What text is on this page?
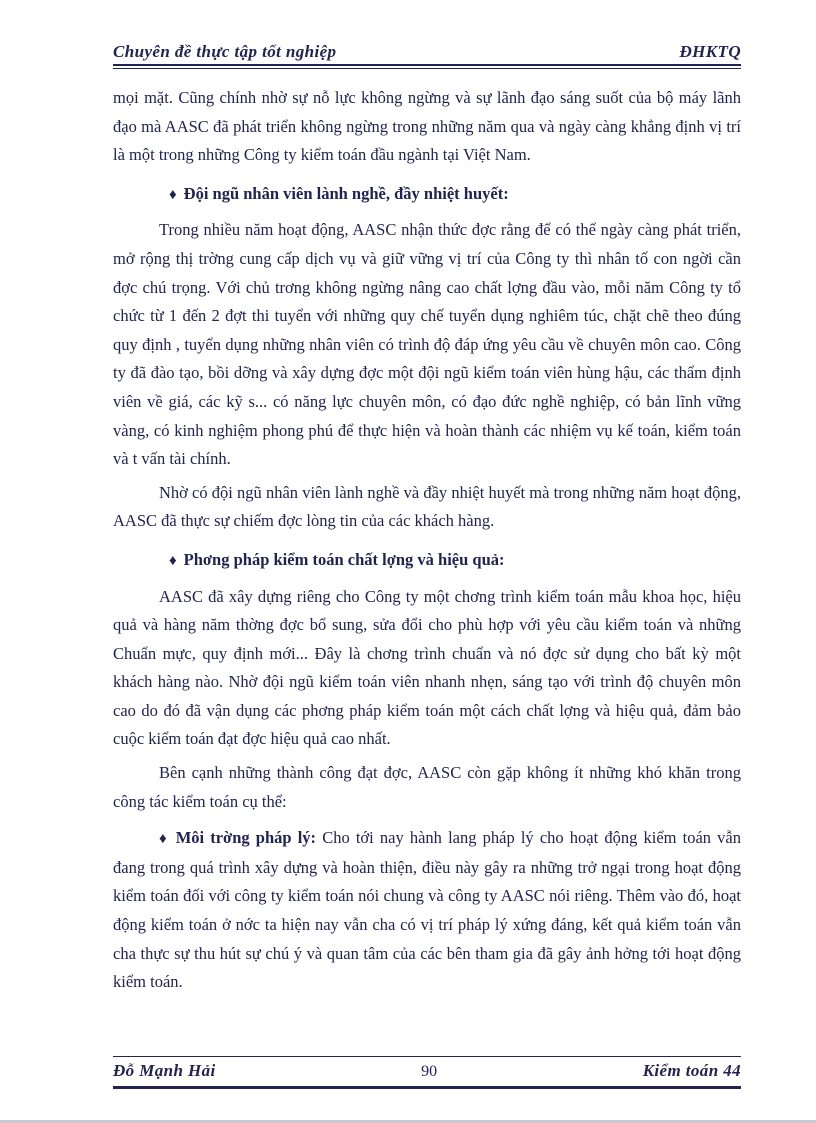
Chuyên đề thực tập tốt nghiệp	ĐHKTQ

mọi mặt. Cũng chính nhờ sự nỗ lực không ngừng và sự lãnh đạo sáng suốt của bộ máy lãnh đạo mà AASC đã phát triển không ngừng trong những năm qua và ngày càng khẳng định vị trí là một trong những Công ty kiểm toán đầu ngành tại Việt Nam.

♦ Đội ngũ nhân viên lành nghề, đầy nhiệt huyết:

Trong nhiều năm hoạt động, AASC nhận thức đợc rằng để có thể ngày càng phát triển, mở rộng thị trờng cung cấp dịch vụ và giữ vững vị trí của Công ty thì nhân tố con ngời cần đợc chú trọng. Với chủ trơng không ngừng nâng cao chất lợng đầu vào, mỗi năm Công ty tổ chức từ 1 đến 2 đợt thi tuyển với những quy chế tuyển dụng nghiêm túc, chặt chẽ theo đúng quy định , tuyển dụng những nhân viên có trình độ đáp ứng yêu cầu về chuyên môn cao. Công ty đã đào tạo, bồi dỡng và xây dựng đợc một đội ngũ kiểm toán viên hùng hậu, các thẩm định viên về giá, các kỹ s... có năng lực chuyên môn, có đạo đức nghề nghiệp, có bản lĩnh vững vàng, có kinh nghiệm phong phú để thực hiện và hoàn thành các nhiệm vụ kế toán, kiểm toán và t vấn tài chính.

Nhờ có đội ngũ nhân viên lành nghề và đầy nhiệt huyết mà trong những năm hoạt động, AASC đã thực sự chiếm đợc lòng tin của các khách hàng.

♦ Phơng pháp kiểm toán chất lợng và hiệu quả:

AASC đã xây dựng riêng cho Công ty một chơng trình kiểm toán mẫu khoa học, hiệu quả và hàng năm thờng đợc bổ sung, sửa đổi cho phù hợp với yêu cầu kiểm toán và những Chuẩn mực, quy định mới... Đây là chơng trình chuẩn và nó đợc sử dụng cho bất kỳ một khách hàng nào. Nhờ đội ngũ kiểm toán viên nhanh nhẹn, sáng tạo với trình độ chuyên môn cao do đó đã vận dụng các phơng pháp kiểm toán một cách chất lợng và hiệu quả, đảm bảo cuộc kiểm toán đạt đợc hiệu quả cao nhất.

Bên cạnh những thành công đạt đợc, AASC còn gặp không ít những khó khăn trong công tác kiểm toán cụ thể:

♦ Môi trờng pháp lý: Cho tới nay hành lang pháp lý cho hoạt động kiểm toán vẫn đang trong quá trình xây dựng và hoàn thiện, điều này gây ra những trở ngại trong hoạt động kiểm toán đối với công ty kiểm toán nói chung và công ty AASC nói riêng. Thêm vào đó, hoạt động kiểm toán ở nớc ta hiện nay vẫn cha có vị trí pháp lý xứng đáng, kết quả kiểm toán vẫn cha thực sự thu hút sự chú ý và quan tâm của các bên tham gia đã gây ảnh hởng tới hoạt động kiểm toán.

Đỗ Mạnh Hải	90	Kiểm toán 44
